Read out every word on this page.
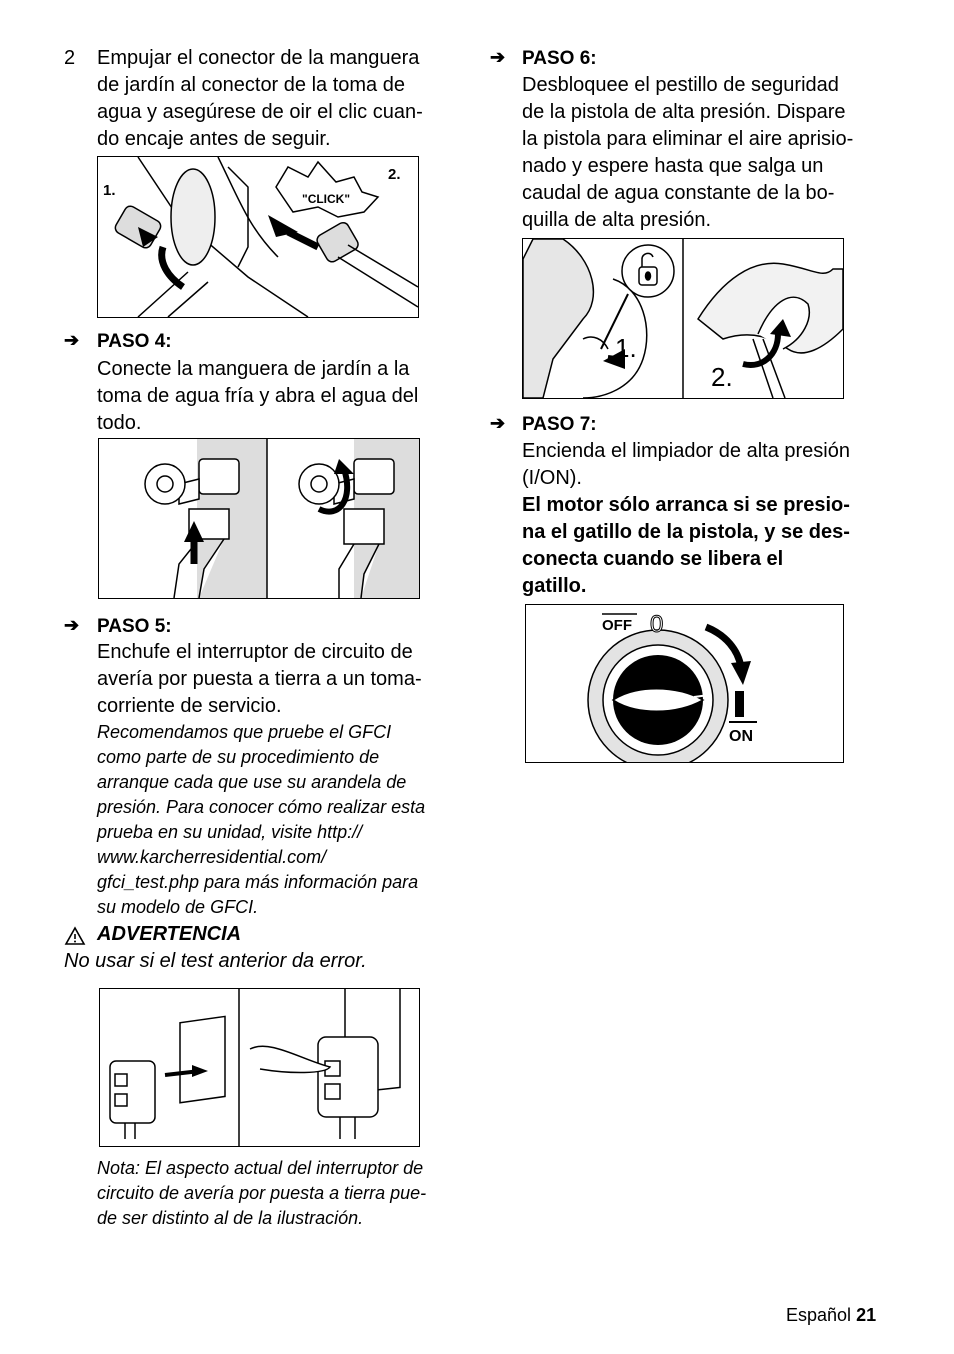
2 Empujar el conector de la manguera

de jardín al conector de la toma de

agua y asegúrese de oir el clic cuan-

do encaje antes de seguir.

1.
2.
"CLICK"
➔ PASO 4:

Conecte la manguera de jardín a la

toma de agua fría y abra el agua del

todo.

➔ PASO 5:

Enchufe el interruptor de circuito de

avería por puesta a tierra a un toma-

corriente de servicio.

Recomendamos que pruebe el GFCI

como parte de su procedimiento de

arranque cada que use su arandela de

presión. Para conocer cómo realizar esta

prueba en su unidad, visite http://

www.karcherresidential.com/

gfci_test.php para más información para

su modelo de GFCI.

ADVERTENCIA
No usar si el test anterior da error.

Nota: El aspecto actual del interruptor de

circuito de avería por puesta a tierra pue-

de ser distinto al de la ilustración.

➔ PASO 6:

Desbloquee el pestillo de seguridad

de la pistola de alta presión. Dispare

la pistola para eliminar el aire aprisio-

nado y espere hasta que salga un

caudal de agua constante de la bo-

quilla de alta presión.

1.
2.
➔ PASO 7:

Encienda el limpiador de alta presión

(I/ON).

El motor sólo arranca si se presio-

na el gatillo de la pistola, y se des-

conecta cuando se libera el

gatillo.

OFF 0
ON
Español 21
